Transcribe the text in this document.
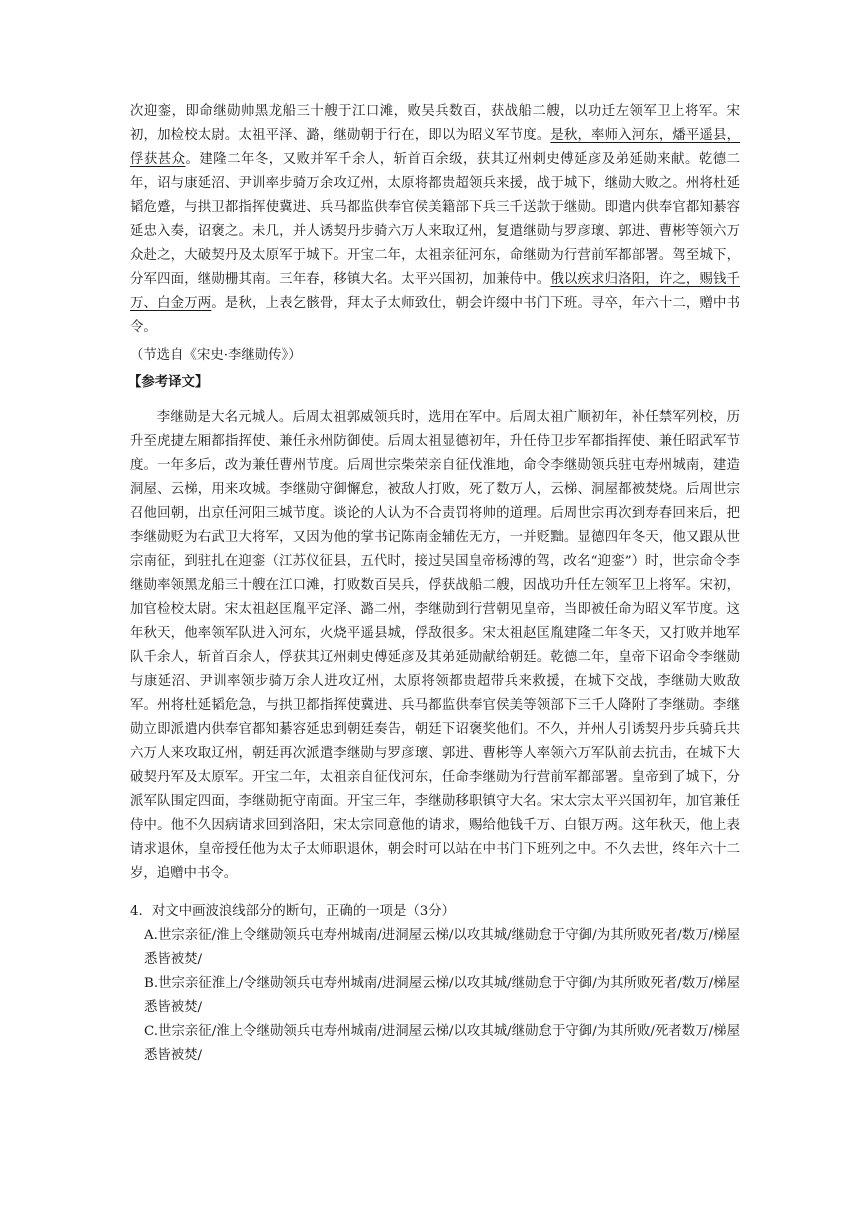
次迎銮，即命继勋帅黑龙船三十艘于江口滩，败吴兵数百，获战船二艘，以功迁左领军卫上将军。宋初，加检校太尉。太祖平泽、潞，继勋朝于行在，即以为昭义军节度。是秋，率师入河东，燔平遥县，俘获甚众。建隆二年冬，又败并军千余人，斩首百余级，获其辽州刺史傅延彦及弟延勋来献。乾德二年，诏与康延沼、尹训率步骑万余攻辽州，太原将都贵超领兵来援，战于城下，继勋大败之。州将杜延韬危蹙，与拱卫都指挥使冀进、兵马都监供奉官侯美籍部下兵三千送款于继勋。即遣内供奉官都知綦容延忠入奏，诏褒之。未几，并人诱契丹步骑六万人来取辽州，复遣继勋与罗彦瓌、郭进、曹彬等领六万众赴之，大破契丹及太原军于城下。开宝二年，太祖亲征河东，命继勋为行营前军都部署。驾至城下，分军四面，继勋栅其南。三年春，移镇大名。太平兴国初，加兼侍中。俄以疾求归洛阳，许之，赐钱千万、白金万两。是秋，上表乞骸骨，拜太子太师致仕，朝会许缀中书门下班。寻卒，年六十二，赠中书令。

（节选自《宋史·李继勋传》）

【参考译文】

李继勋是大名元城人。后周太祖郭威领兵时，选用在军中。后周太祖广顺初年，补任禁军列校，历升至虎捷左厢都指挥使、兼任永州防御使。后周太祖显德初年，升任侍卫步军都指挥使、兼任昭武军节度。一年多后，改为兼任曹州节度。后周世宗柴荣亲自征伐淮地，命令李继勋领兵驻屯寿州城南，建造洞屋、云梯，用来攻城。李继勋守御懈怠，被敌人打败，死了数万人，云梯、洞屋都被焚烧。后周世宗召他回朝，出京任河阳三城节度。谈论的人认为不合责罚将帅的道理。后周世宗再次到寿春回来后，把李继勋贬为右武卫大将军，又因为他的掌书记陈南金辅佐无方，一并贬黜。显德四年冬天，他又跟从世宗南征，到驻扎在迎銮（江苏仪征县，五代时，接过吴国皇帝杨溥的驾，改名“迎銮”）时，世宗命令李继勋率领黑龙船三十艘在江口滩，打败数百吴兵，俘获战船二艘，因战功升任左领军卫上将军。宋初，加官检校太尉。宋太祖赵匡胤平定泽、潞二州，李继勋到行营朝见皇帝，当即被任命为昭义军节度。这年秋天，他率领军队进入河东，火烧平遥县城，俘敌很多。宋太祖赵匡胤建隆二年冬天，又打败并地军队千余人，斩首百余人，俘获其辽州刺史傅延彦及其弟延勋献给朝廷。乾德二年，皇帝下诏命令李继勋与康延沼、尹训率领步骑万余人进攻辽州，太原将领都贵超带兵来救援，在城下交战，李继勋大败敌军。州将杜延韬危急，与拱卫都指挥使冀进、兵马都监供奉官侯美等领部下三千人降附了李继勋。李继勋立即派遣内供奉官都知綦容延忠到朝廷奏告，朝廷下诏褒奖他们。不久，并州人引诱契丹步兵骑兵共六万人来攻取辽州，朝廷再次派遣李继勋与罗彦瓌、郭进、曹彬等人率领六万军队前去抗击，在城下大破契丹军及太原军。开宝二年，太祖亲自征伐河东，任命李继勋为行营前军都部署。皇帝到了城下，分派军队围定四面，李继勋扼守南面。开宝三年，李继勋移职镇守大名。宋太宗太平兴国初年，加官兼任侍中。他不久因病请求回到洛阳，宋太宗同意他的请求，赐给他钱千万、白银万两。这年秋天，他上表请求退休，皇帝授任他为太子太师职退休，朝会时可以站在中书门下班列之中。不久去世，终年六十二岁，追赠中书令。

4．对文中画波浪线部分的断句，正确的一项是（3分）

A.世宗亲征/淮上令继勋领兵屯寿州城南/进洞屋云梯/以攻其城/继勋怠于守御/为其所败死者/数万/梯屋悉皆被焚/

B.世宗亲征淮上/令继勋领兵屯寿州城南/进洞屋云梯/以攻其城/继勋怠于守御/为其所败死者/数万/梯屋悉皆被焚/

C.世宗亲征/淮上令继勋领兵屯寿州城南/进洞屋云梯/以攻其城/继勋怠于守御/为其所败/死者数万/梯屋悉皆被焚/
